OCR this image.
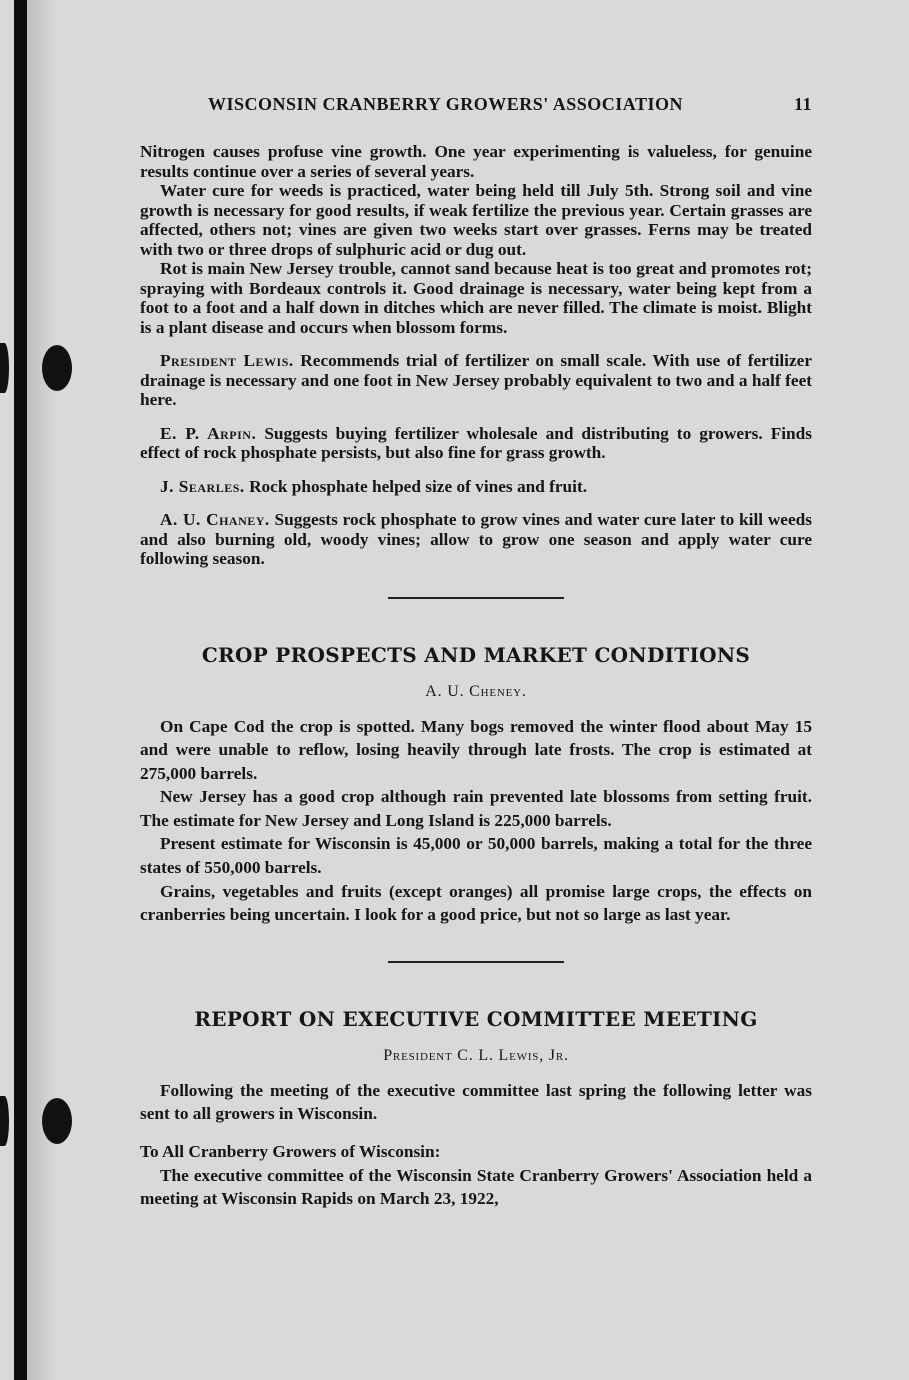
WISCONSIN CRANBERRY GROWERS' ASSOCIATION	11

Nitrogen causes profuse vine growth. One year experimenting is valueless, for genuine results continue over a series of several years.

Water cure for weeds is practiced, water being held till July 5th. Strong soil and vine growth is necessary for good results, if weak fertilize the previous year. Certain grasses are affected, others not; vines are given two weeks start over grasses. Ferns may be treated with two or three drops of sulphuric acid or dug out.

Rot is main New Jersey trouble, cannot sand because heat is too great and promotes rot; spraying with Bordeaux controls it. Good drainage is necessary, water being kept from a foot to a foot and a half down in ditches which are never filled. The climate is moist. Blight is a plant disease and occurs when blossom forms.

President Lewis. Recommends trial of fertilizer on small scale. With use of fertilizer drainage is necessary and one foot in New Jersey probably equivalent to two and a half feet here.

E. P. Arpin. Suggests buying fertilizer wholesale and distributing to growers. Finds effect of rock phosphate persists, but also fine for grass growth.

J. Searles. Rock phosphate helped size of vines and fruit.

A. U. Chaney. Suggests rock phosphate to grow vines and water cure later to kill weeds and also burning old, woody vines; allow to grow one season and apply water cure following season.

CROP PROSPECTS AND MARKET CONDITIONS
A. U. Cheney.

On Cape Cod the crop is spotted. Many bogs removed the winter flood about May 15 and were unable to reflow, losing heavily through late frosts. The crop is estimated at 275,000 barrels.

New Jersey has a good crop although rain prevented late blossoms from setting fruit. The estimate for New Jersey and Long Island is 225,000 barrels.

Present estimate for Wisconsin is 45,000 or 50,000 barrels, making a total for the three states of 550,000 barrels.

Grains, vegetables and fruits (except oranges) all promise large crops, the effects on cranberries being uncertain. I look for a good price, but not so large as last year.

REPORT ON EXECUTIVE COMMITTEE MEETING
President C. L. Lewis, Jr.

Following the meeting of the executive committee last spring the following letter was sent to all growers in Wisconsin.

To All Cranberry Growers of Wisconsin:

The executive committee of the Wisconsin State Cranberry Growers' Association held a meeting at Wisconsin Rapids on March 23, 1922,
